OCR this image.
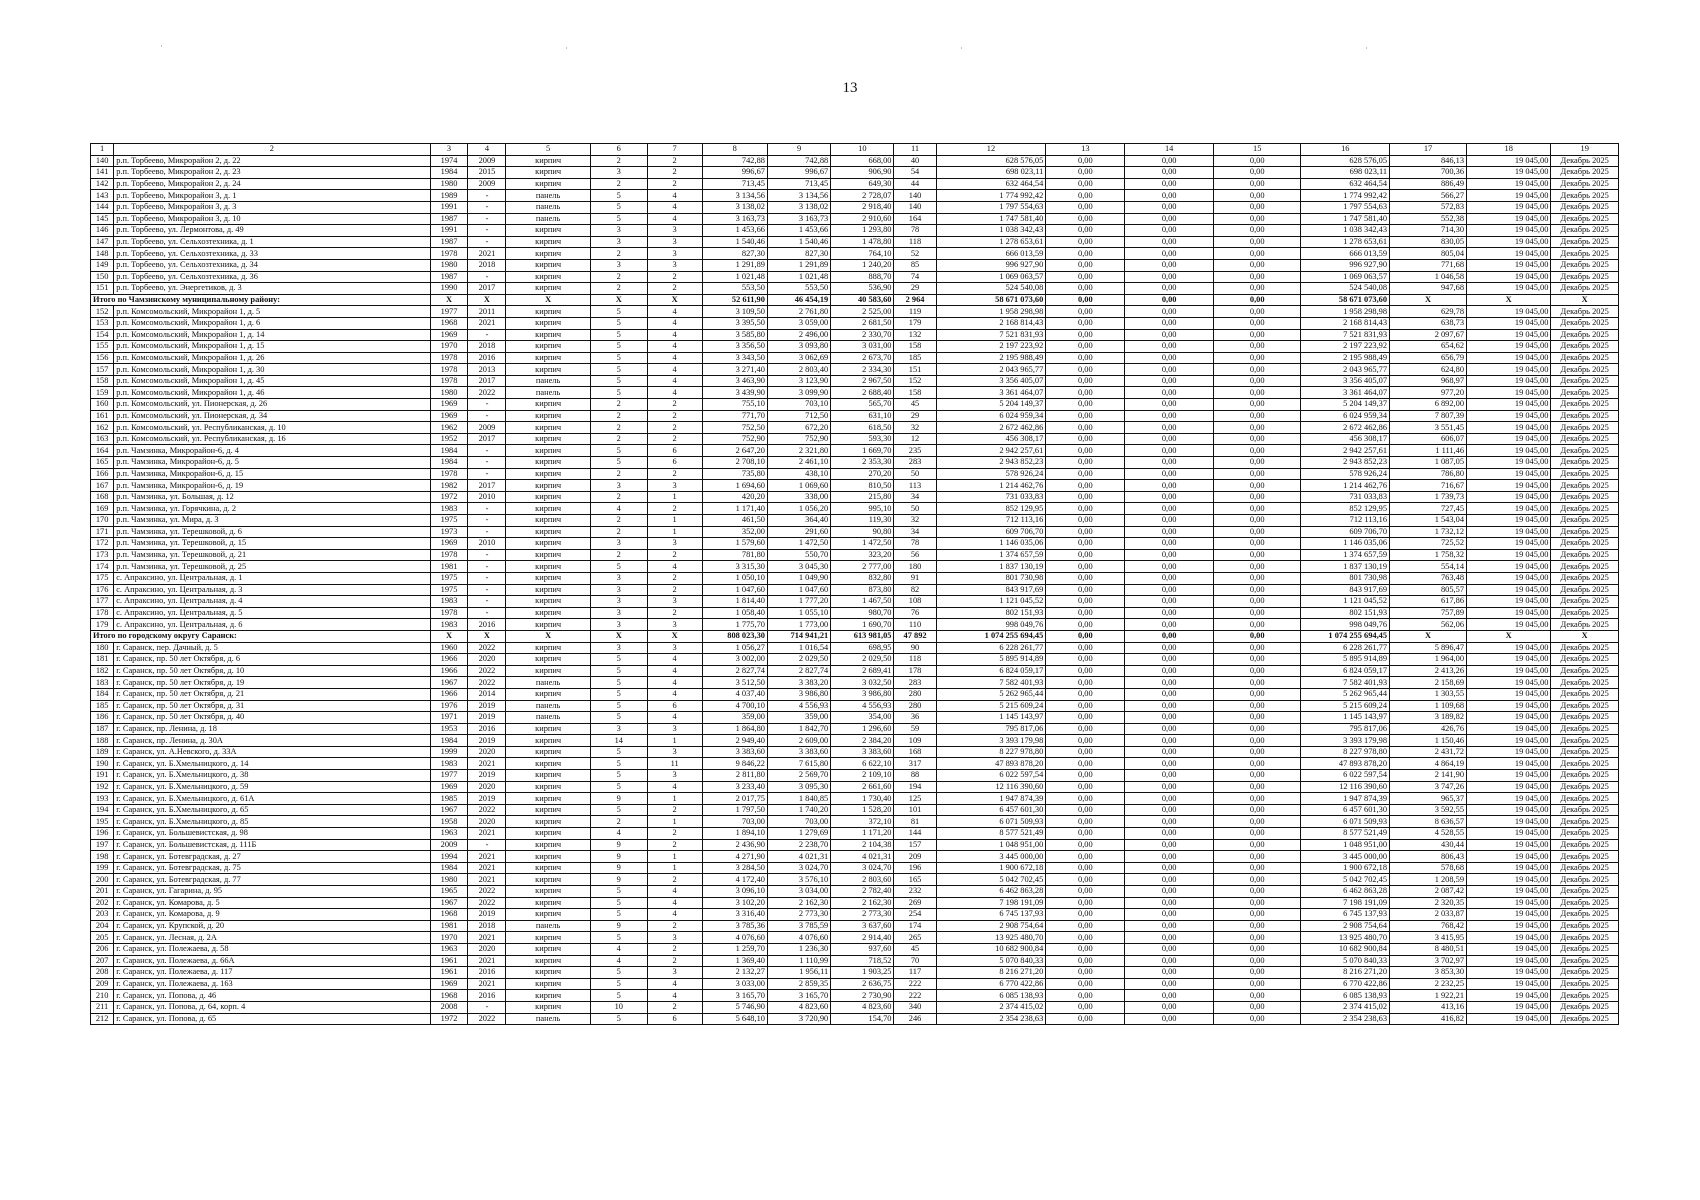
13
˙	˙	˙	˙
1	2	3	4	5	6	7	8	9	10	11	12	13	14	15	16	17	18	19
140	р.п. Торбеево, Микрорайон 2, д. 22	1974	2009	кирпич	2	2	742,88	742,88	668,00	40	628 576,05	0,00	0,00	0,00	628 576,05	846,13	19 045,00	Декабрь 2025
141	р.п. Торбеево, Микрорайон 2, д. 23	1984	2015	кирпич	3	2	996,67	996,67	906,90	54	698 023,11	0,00	0,00	0,00	698 023,11	700,36	19 045,00	Декабрь 2025
142	р.п. Торбеево, Микрорайон 2, д. 24	1980	2009	кирпич	2	2	713,45	713,45	649,30	44	632 464,54	0,00	0,00	0,00	632 464,54	886,49	19 045,00	Декабрь 2025
143	р.п. Торбеево, Микрорайон 3, д. 1	1989	-	панель	5	4	3 134,56	3 134,56	2 728,07	140	1 774 992,42	0,00	0,00	0,00	1 774 992,42	566,27	19 045,00	Декабрь 2025
144	р.п. Торбеево, Микрорайон 3, д. 3	1991	-	панель	5	4	3 138,02	3 138,02	2 918,40	140	1 797 554,63	0,00	0,00	0,00	1 797 554,63	572,83	19 045,00	Декабрь 2025
145	р.п. Торбеево, Микрорайон 3, д. 10	1987	-	панель	5	4	3 163,73	3 163,73	2 910,60	164	1 747 581,40	0,00	0,00	0,00	1 747 581,40	552,38	19 045,00	Декабрь 2025
146	р.п. Торбеево, ул. Лермонтова, д. 49	1991	-	кирпич	3	3	1 453,66	1 453,66	1 293,80	78	1 038 342,43	0,00	0,00	0,00	1 038 342,43	714,30	19 045,00	Декабрь 2025
147	р.п. Торбеево, ул. Сельхозтехника, д. 1	1987	-	кирпич	3	3	1 540,46	1 540,46	1 478,80	118	1 278 653,61	0,00	0,00	0,00	1 278 653,61	830,05	19 045,00	Декабрь 2025
148	р.п. Торбеево, ул. Сельхозтехника, д. 33	1978	2021	кирпич	2	3	827,30	827,30	764,10	52	666 013,59	0,00	0,00	0,00	666 013,59	805,04	19 045,00	Декабрь 2025
149	р.п. Торбеево, ул. Сельхозтехника, д. 34	1980	2018	кирпич	3	3	1 291,89	1 291,89	1 240,20	85	996 927,90	0,00	0,00	0,00	996 927,90	771,68	19 045,00	Декабрь 2025
150	р.п. Торбеево, ул. Сельхозтехника, д. 36	1987	-	кирпич	2	2	1 021,48	1 021,48	888,70	74	1 069 063,57	0,00	0,00	0,00	1 069 063,57	1 046,58	19 045,00	Декабрь 2025
151	р.п. Торбеево, ул. Энергетиков, д. 3	1990	2017	кирпич	2	2	553,50	553,50	536,90	29	524 540,08	0,00	0,00	0,00	524 540,08	947,68	19 045,00	Декабрь 2025
Итого по Чамзинскому муниципальному району:		X	X	X	X	X	52 611,90	46 454,19	40 583,60	2 964	58 671 073,60	0,00	0,00	0,00	58 671 073,60	X	X	X
152	р.п. Комсомольский, Микрорайон 1, д. 5	1977	2011	кирпич	5	4	3 109,50	2 761,80	2 525,00	119	1 958 298,98	0,00	0,00	0,00	1 958 298,98	629,78	19 045,00	Декабрь 2025
153	р.п. Комсомольский, Микрорайон 1, д. 6	1968	2021	кирпич	5	4	3 395,50	3 059,00	2 681,50	179	2 168 814,43	0,00	0,00	0,00	2 168 814,43	638,73	19 045,00	Декабрь 2025
154	р.п. Комсомольский, Микрорайон 1, д. 14	1969	-	кирпич	5	4	3 585,80	2 496,00	2 330,70	132	7 521 831,93	0,00	0,00	0,00	7 521 831,93	2 097,67	19 045,00	Декабрь 2025
155	р.п. Комсомольский, Микрорайон 1, д. 15	1970	2018	кирпич	5	4	3 356,50	3 093,80	3 031,00	158	2 197 223,92	0,00	0,00	0,00	2 197 223,92	654,62	19 045,00	Декабрь 2025
156	р.п. Комсомольский, Микрорайон 1, д. 26	1978	2016	кирпич	5	4	3 343,50	3 062,69	2 673,70	185	2 195 988,49	0,00	0,00	0,00	2 195 988,49	656,79	19 045,00	Декабрь 2025
157	р.п. Комсомольский, Микрорайон 1, д. 30	1978	2013	кирпич	5	4	3 271,40	2 803,40	2 334,30	151	2 043 965,77	0,00	0,00	0,00	2 043 965,77	624,80	19 045,00	Декабрь 2025
158	р.п. Комсомольский, Микрорайон 1, д. 45	1978	2017	панель	5	4	3 463,90	3 123,90	2 967,50	152	3 356 405,07	0,00	0,00	0,00	3 356 405,07	968,97	19 045,00	Декабрь 2025
159	р.п. Комсомольский, Микрорайон 1, д. 46	1980	2022	панель	5	4	3 439,90	3 099,90	2 688,40	158	3 361 464,07	0,00	0,00	0,00	3 361 464,07	977,20	19 045,00	Декабрь 2025
160	р.п. Комсомольский, ул. Пионерская, д. 26	1969	-	кирпич	2	2	755,10	703,10	565,70	45	5 204 149,37	0,00	0,00	0,00	5 204 149,37	6 892,00	19 045,00	Декабрь 2025
161	р.п. Комсомольский, ул. Пионерская, д. 34	1969	-	кирпич	2	2	771,70	712,50	631,10	29	6 024 959,34	0,00	0,00	0,00	6 024 959,34	7 807,39	19 045,00	Декабрь 2025
162	р.п. Комсомольский, ул. Республиканская, д. 10	1962	2009	кирпич	2	2	752,50	672,20	618,50	32	2 672 462,86	0,00	0,00	0,00	2 672 462,86	3 551,45	19 045,00	Декабрь 2025
163	р.п. Комсомольский, ул. Республиканская, д. 16	1952	2017	кирпич	2	2	752,90	752,90	593,30	12	456 308,17	0,00	0,00	0,00	456 308,17	606,07	19 045,00	Декабрь 2025
164	р.п. Чамзинка, Микрорайон-6, д. 4	1984	-	кирпич	5	6	2 647,20	2 321,80	1 669,70	235	2 942 257,61	0,00	0,00	0,00	2 942 257,61	1 111,46	19 045,00	Декабрь 2025
165	р.п. Чамзинка, Микрорайон-6, д. 5	1984	-	кирпич	5	6	2 708,10	2 461,10	2 353,30	283	2 943 852,23	0,00	0,00	0,00	2 943 852,23	1 087,05	19 045,00	Декабрь 2025
166	р.п. Чамзинка, Микрорайон-6, д. 15	1978	-	кирпич	2	2	735,80	438,10	270,20	50	578 926,24	0,00	0,00	0,00	578 926,24	786,80	19 045,00	Декабрь 2025
167	р.п. Чамзинка, Микрорайон-6, д. 19	1982	2017	кирпич	3	3	1 694,60	1 069,60	810,50	113	1 214 462,76	0,00	0,00	0,00	1 214 462,76	716,67	19 045,00	Декабрь 2025
168	р.п. Чамзинка, ул. Большая, д. 12	1972	2010	кирпич	2	1	420,20	338,00	215,80	34	731 033,83	0,00	0,00	0,00	731 033,83	1 739,73	19 045,00	Декабрь 2025
169	р.п. Чамзинка, ул. Горячкина, д. 2	1983	-	кирпич	4	2	1 171,40	1 056,20	995,10	50	852 129,95	0,00	0,00	0,00	852 129,95	727,45	19 045,00	Декабрь 2025
170	р.п. Чамзинка, ул. Мира, д. 3	1975	-	кирпич	2	1	461,50	364,40	119,30	32	712 113,16	0,00	0,00	0,00	712 113,16	1 543,04	19 045,00	Декабрь 2025
171	р.п. Чамзинка, ул. Терешковой, д. 6	1973	-	кирпич	2	1	352,00	291,60	90,80	34	609 706,70	0,00	0,00	0,00	609 706,70	1 732,12	19 045,00	Декабрь 2025
172	р.п. Чамзинка, ул. Терешковой, д. 15	1969	2010	кирпич	3	3	1 579,60	1 472,50	1 472,50	78	1 146 035,06	0,00	0,00	0,00	1 146 035,06	725,52	19 045,00	Декабрь 2025
173	р.п. Чамзинка, ул. Терешковой, д. 21	1978	-	кирпич	2	2	781,80	550,70	323,20	56	1 374 657,59	0,00	0,00	0,00	1 374 657,59	1 758,32	19 045,00	Декабрь 2025
174	р.п. Чамзинка, ул. Терешковой, д. 25	1981	-	кирпич	5	4	3 315,30	3 045,30	2 777,00	180	1 837 130,19	0,00	0,00	0,00	1 837 130,19	554,14	19 045,00	Декабрь 2025
175	с. Апраксино, ул. Центральная, д. 1	1975	-	кирпич	3	2	1 050,10	1 049,90	832,80	91	801 730,98	0,00	0,00	0,00	801 730,98	763,48	19 045,00	Декабрь 2025
176	с. Апраксино, ул. Центральная, д. 3	1975	-	кирпич	3	2	1 047,60	1 047,60	873,80	82	843 917,69	0,00	0,00	0,00	843 917,69	805,57	19 045,00	Декабрь 2025
177	с. Апраксино, ул. Центральная, д. 4	1983	-	кирпич	3	3	1 814,40	1 777,20	1 467,50	108	1 121 045,52	0,00	0,00	0,00	1 121 045,52	617,86	19 045,00	Декабрь 2025
178	с. Апраксино, ул. Центральная, д. 5	1978	-	кирпич	3	2	1 058,40	1 055,10	980,70	76	802 151,93	0,00	0,00	0,00	802 151,93	757,89	19 045,00	Декабрь 2025
179	с. Апраксино, ул. Центральная, д. 6	1983	2016	кирпич	3	3	1 775,70	1 773,00	1 690,70	110	998 049,76	0,00	0,00	0,00	998 049,76	562,06	19 045,00	Декабрь 2025
Итого по городскому округу Саранск:		X	X	X	X	X	808 023,30	714 941,21	613 981,05	47 892	1 074 255 694,45	0,00	0,00	0,00	1 074 255 694,45	X	X	X
180	г. Саранск, пер. Дачный, д. 5	1960	2022	кирпич	3	3	1 056,27	1 016,54	698,95	90	6 228 261,77	0,00	0,00	0,00	6 228 261,77	5 896,47	19 045,00	Декабрь 2025
181	г. Саранск, пр. 50 лет Октября, д. 6	1966	2020	кирпич	5	4	3 002,00	2 029,50	2 029,50	118	5 895 914,89	0,00	0,00	0,00	5 895 914,89	1 964,00	19 045,00	Декабрь 2025
182	г. Саранск, пр. 50 лет Октября, д. 10	1966	2022	кирпич	5	4	2 827,74	2 827,74	2 689,41	178	6 824 059,17	0,00	0,00	0,00	6 824 059,17	2 413,26	19 045,00	Декабрь 2025
183	г. Саранск, пр. 50 лет Октября, д. 19	1967	2022	панель	5	4	3 512,50	3 383,20	3 032,50	283	7 582 401,93	0,00	0,00	0,00	7 582 401,93	2 158,69	19 045,00	Декабрь 2025
184	г. Саранск, пр. 50 лет Октября, д. 21	1966	2014	кирпич	5	4	4 037,40	3 986,80	3 986,80	280	5 262 965,44	0,00	0,00	0,00	5 262 965,44	1 303,55	19 045,00	Декабрь 2025
185	г. Саранск, пр. 50 лет Октября, д. 31	1976	2019	панель	5	6	4 700,10	4 556,93	4 556,93	280	5 215 609,24	0,00	0,00	0,00	5 215 609,24	1 109,68	19 045,00	Декабрь 2025
186	г. Саранск, пр. 50 лет Октября, д. 40	1971	2019	панель	5	4	359,00	359,00	354,00	36	1 145 143,97	0,00	0,00	0,00	1 145 143,97	3 189,82	19 045,00	Декабрь 2025
187	г. Саранск, пр. Ленина, д. 18	1953	2016	кирпич	3	3	1 864,80	1 842,70	1 296,60	59	795 817,06	0,00	0,00	0,00	795 817,06	426,76	19 045,00	Декабрь 2025
188	г. Саранск, пр. Ленина, д. 30А	1984	2019	кирпич	14	1	2 949,40	2 609,00	2 384,20	109	3 393 179,98	0,00	0,00	0,00	3 393 179,98	1 150,46	19 045,00	Декабрь 2025
189	г. Саранск, ул. А.Невского, д. 33А	1999	2020	кирпич	5	3	3 383,60	3 383,60	3 383,60	168	8 227 978,80	0,00	0,00	0,00	8 227 978,80	2 431,72	19 045,00	Декабрь 2025
190	г. Саранск, ул. Б.Хмельницкого, д. 14	1983	2021	кирпич	5	11	9 846,22	7 615,80	6 622,10	317	47 893 878,20	0,00	0,00	0,00	47 893 878,20	4 864,19	19 045,00	Декабрь 2025
191	г. Саранск, ул. Б.Хмельницкого, д. 38	1977	2019	кирпич	5	3	2 811,80	2 569,70	2 109,10	88	6 022 597,54	0,00	0,00	0,00	6 022 597,54	2 141,90	19 045,00	Декабрь 2025
192	г. Саранск, ул. Б.Хмельницкого, д. 59	1969	2020	кирпич	5	4	3 233,40	3 095,30	2 661,60	194	12 116 390,60	0,00	0,00	0,00	12 116 390,60	3 747,26	19 045,00	Декабрь 2025
193	г. Саранск, ул. Б.Хмельницкого, д. 61А	1985	2019	кирпич	9	1	2 017,75	1 840,85	1 730,40	125	1 947 874,39	0,00	0,00	0,00	1 947 874,39	965,37	19 045,00	Декабрь 2025
194	г. Саранск, ул. Б.Хмельницкого, д. 65	1967	2022	кирпич	5	2	1 797,50	1 740,20	1 528,20	101	6 457 601,30	0,00	0,00	0,00	6 457 601,30	3 592,55	19 045,00	Декабрь 2025
195	г. Саранск, ул. Б.Хмельницкого, д. 85	1958	2020	кирпич	2	1	703,00	703,00	372,10	81	6 071 509,93	0,00	0,00	0,00	6 071 509,93	8 636,57	19 045,00	Декабрь 2025
196	г. Саранск, ул. Большевистская, д. 98	1963	2021	кирпич	4	2	1 894,10	1 279,69	1 171,20	144	8 577 521,49	0,00	0,00	0,00	8 577 521,49	4 528,55	19 045,00	Декабрь 2025
197	г. Саранск, ул. Большевистская, д. 111Б	2009	-	кирпич	9	2	2 436,90	2 238,70	2 104,38	157	1 048 951,00	0,00	0,00	0,00	1 048 951,00	430,44	19 045,00	Декабрь 2025
198	г. Саранск, ул. Ботевградская, д. 27	1994	2021	кирпич	9	1	4 271,90	4 021,31	4 021,31	209	3 445 000,00	0,00	0,00	0,00	3 445 000,00	806,43	19 045,00	Декабрь 2025
199	г. Саранск, ул. Ботевградская, д. 75	1984	2021	кирпич	9	1	3 284,50	3 024,70	3 024,70	196	1 900 672,18	0,00	0,00	0,00	1 900 672,18	578,68	19 045,00	Декабрь 2025
200	г. Саранск, ул. Ботевградская, д. 77	1980	2021	кирпич	9	2	4 172,40	3 576,10	2 803,60	165	5 042 702,45	0,00	0,00	0,00	5 042 702,45	1 208,59	19 045,00	Декабрь 2025
201	г. Саранск, ул. Гагарина, д. 95	1965	2022	кирпич	5	4	3 096,10	3 034,00	2 782,40	232	6 462 863,28	0,00	0,00	0,00	6 462 863,28	2 087,42	19 045,00	Декабрь 2025
202	г. Саранск, ул. Комарова, д. 5	1967	2022	кирпич	5	4	3 102,20	2 162,30	2 162,30	269	7 198 191,09	0,00	0,00	0,00	7 198 191,09	2 320,35	19 045,00	Декабрь 2025
203	г. Саранск, ул. Комарова, д. 9	1968	2019	кирпич	5	4	3 316,40	2 773,30	2 773,30	254	6 745 137,93	0,00	0,00	0,00	6 745 137,93	2 033,87	19 045,00	Декабрь 2025
204	г. Саранск, ул. Крупской, д. 20	1981	2018	панель	9	2	3 785,36	3 785,59	3 637,60	174	2 908 754,64	0,00	0,00	0,00	2 908 754,64	768,42	19 045,00	Декабрь 2025
205	г. Саранск, ул. Лесная, д. 2А	1970	2021	кирпич	5	3	4 076,60	4 076,60	2 914,40	265	13 925 480,70	0,00	0,00	0,00	13 925 480,70	3 415,95	19 045,00	Декабрь 2025
206	г. Саранск, ул. Полежаева, д. 58	1963	2020	кирпич	4	2	1 259,70	1 236,30	937,60	45	10 682 900,84	0,00	0,00	0,00	10 682 900,84	8 480,51	19 045,00	Декабрь 2025
207	г. Саранск, ул. Полежаева, д. 66А	1961	2021	кирпич	4	2	1 369,40	1 110,99	718,52	70	5 070 840,33	0,00	0,00	0,00	5 070 840,33	3 702,97	19 045,00	Декабрь 2025
208	г. Саранск, ул. Полежаева, д. 117	1961	2016	кирпич	5	3	2 132,27	1 956,11	1 903,25	117	8 216 271,20	0,00	0,00	0,00	8 216 271,20	3 853,30	19 045,00	Декабрь 2025
209	г. Саранск, ул. Полежаева, д. 163	1969	2021	кирпич	5	4	3 033,00	2 859,35	2 636,75	222	6 770 422,86	0,00	0,00	0,00	6 770 422,86	2 232,25	19 045,00	Декабрь 2025
210	г. Саранск, ул. Попова, д. 46	1968	2016	кирпич	5	4	3 165,70	3 165,70	2 730,90	222	6 085 138,93	0,00	0,00	0,00	6 085 138,93	1 922,21	19 045,00	Декабрь 2025
211	г. Саранск, ул. Попова, д. 64, корп. 4	2008	-	кирпич	10	2	5 746,90	4 823,60	4 823,60	340	2 374 415,02	0,00	0,00	0,00	2 374 415,02	413,16	19 045,00	Декабрь 2025
212	г. Саранск, ул. Попова, д. 65	1972	2022	панель	5	6	5 648,10	3 720,90	154,70	246	2 354 238,63	0,00	0,00	0,00	2 354 238,63	416,82	19 045,00	Декабрь 2025
